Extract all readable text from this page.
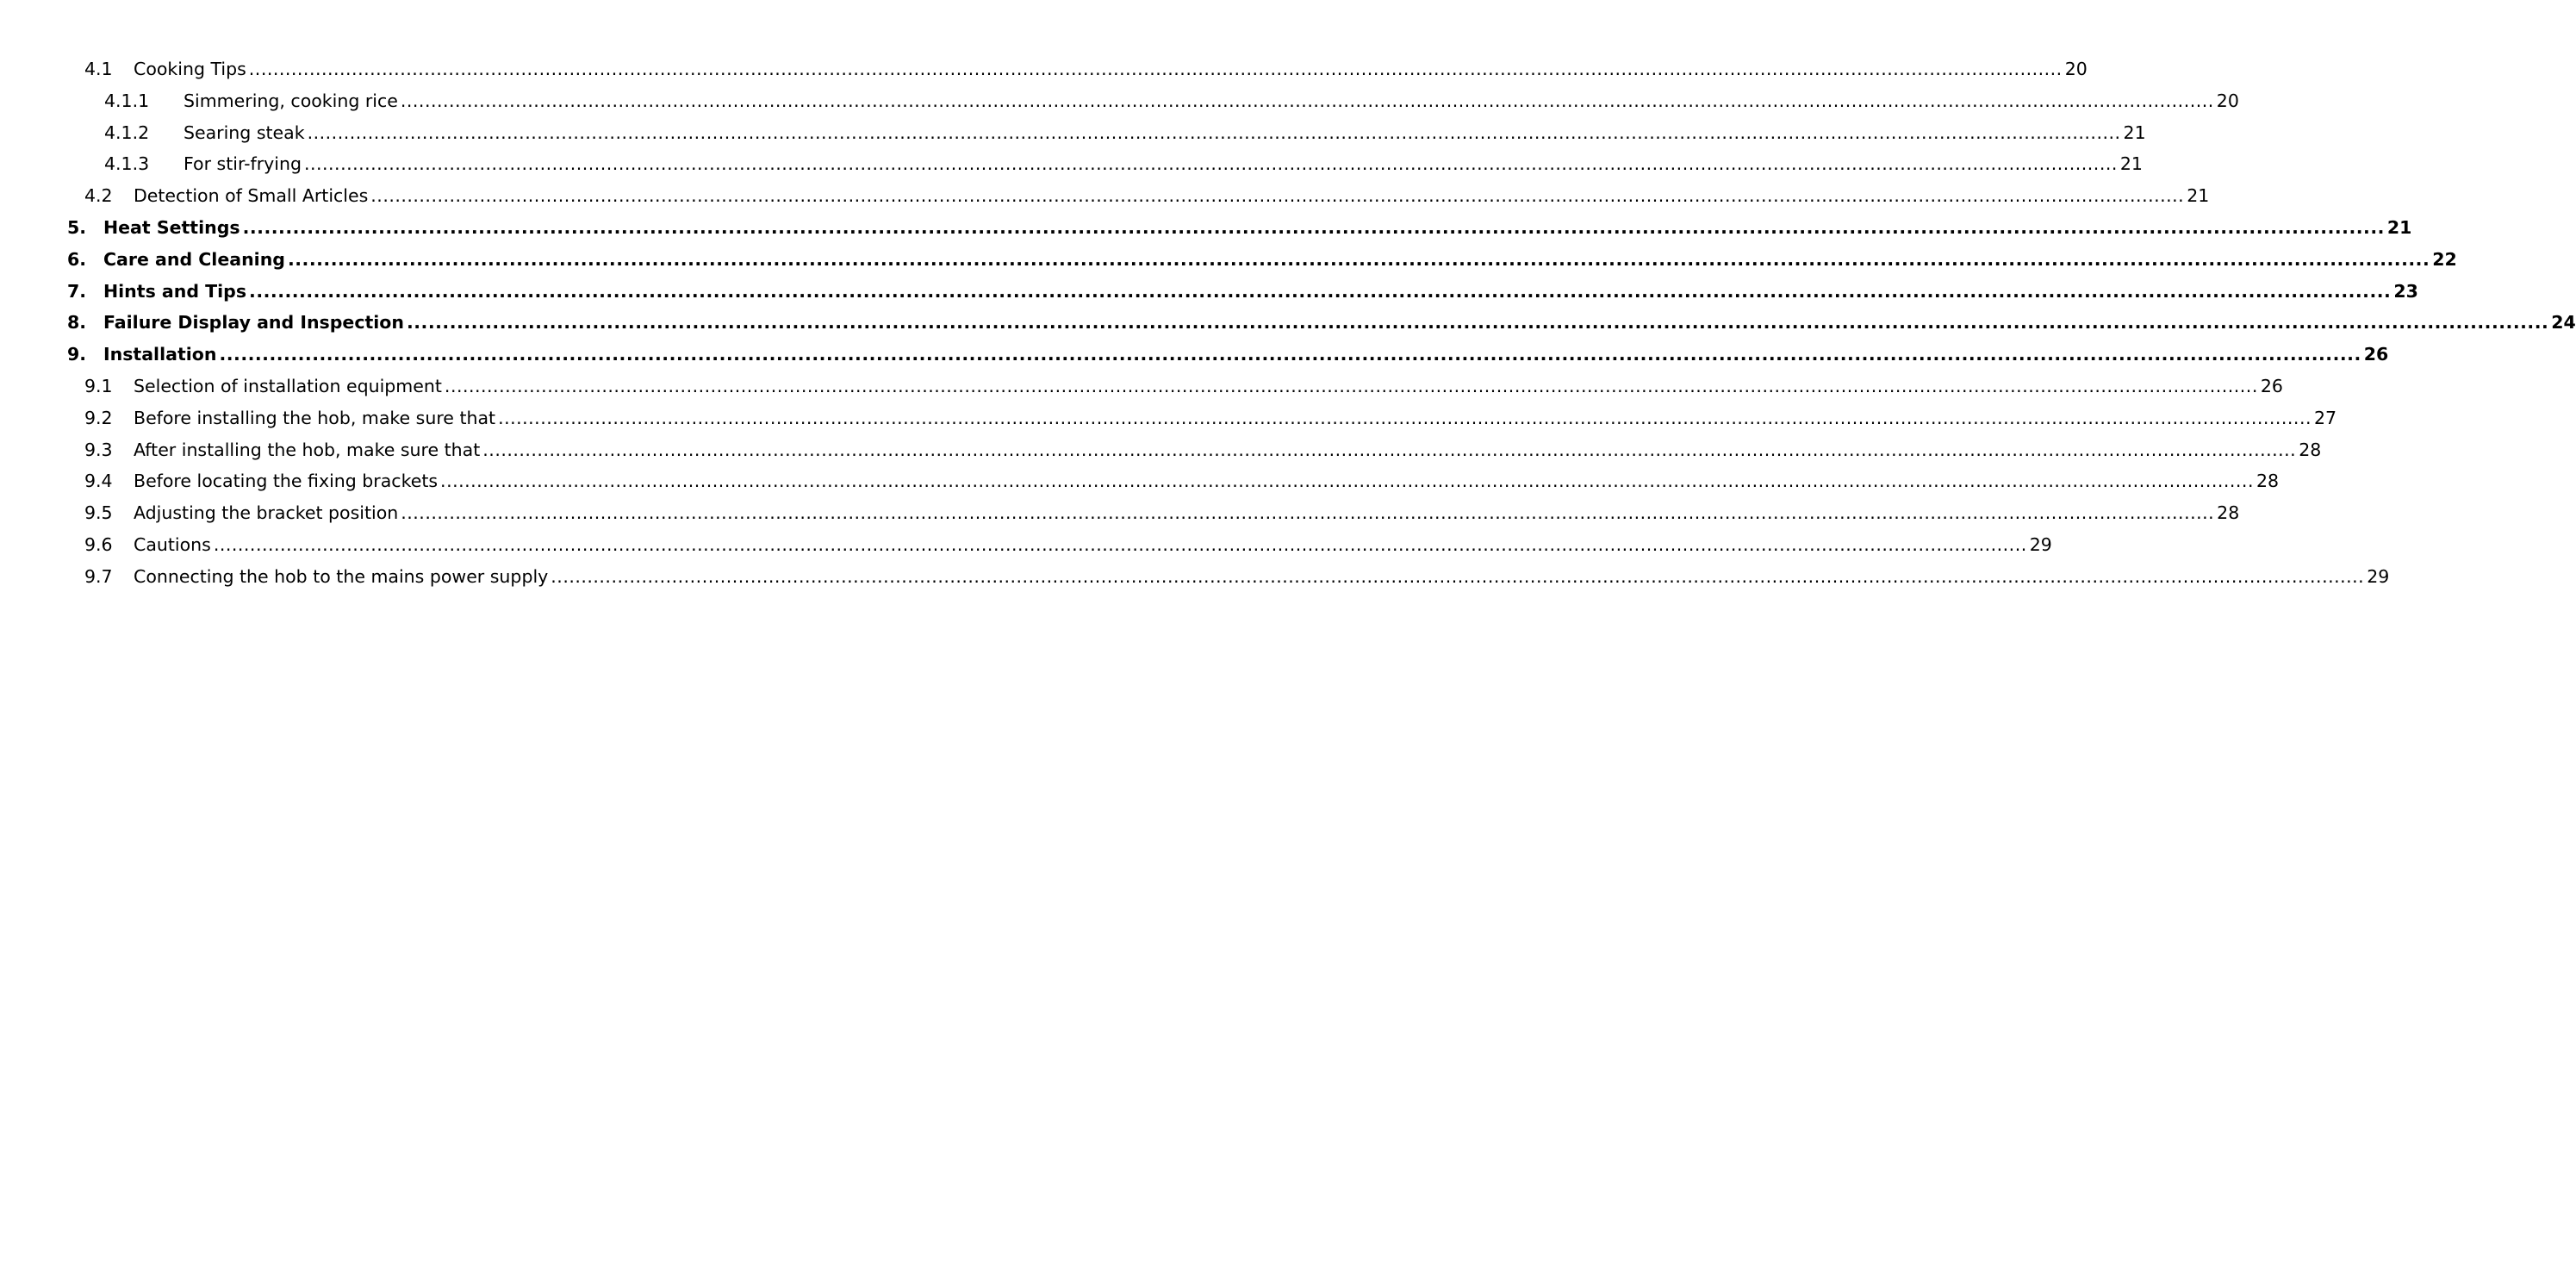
4.1 Cooking Tips ............................................................................................................................................................................................................................................................................................................ 20
4.1.1 Simmering, cooking rice ............................................................................................................................................................................................................................................................................................................ 20
4.1.2 Searing steak ............................................................................................................................................................................................................................................................................................................ 21
4.1.3 For stir-frying ............................................................................................................................................................................................................................................................................................................ 21
4.2 Detection of Small Articles ............................................................................................................................................................................................................................................................................................................ 21
5. Heat Settings ............................................................................................................................................................................................................................................................................................................ 21
6. Care and Cleaning ............................................................................................................................................................................................................................................................................................................ 22
7. Hints and Tips ............................................................................................................................................................................................................................................................................................................ 23
8. Failure Display and Inspection ............................................................................................................................................................................................................................................................................................................ 24
9. Installation ............................................................................................................................................................................................................................................................................................................ 26
9.1 Selection of installation equipment ............................................................................................................................................................................................................................................................................................................ 26
9.2 Before installing the hob, make sure that ............................................................................................................................................................................................................................................................................................................ 27
9.3 After installing the hob, make sure that ............................................................................................................................................................................................................................................................................................................ 28
9.4 Before locating the fixing brackets ............................................................................................................................................................................................................................................................................................................ 28
9.5 Adjusting the bracket position ............................................................................................................................................................................................................................................................................................................ 28
9.6 Cautions ............................................................................................................................................................................................................................................................................................................ 29
9.7 Connecting the hob to the mains power supply ............................................................................................................................................................................................................................................................................................................ 29
